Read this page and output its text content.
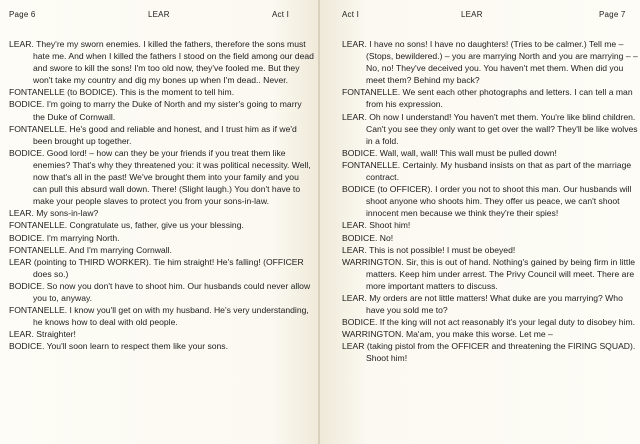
Page 6	LEAR	Act I

LEAR. They're my sworn enemies. I killed the fathers, therefore the sons must hate me. And when I killed the fathers I stood on the field among our dead and swore to kill the sons! I'm too old now, they've fooled me. But they won't take my country and dig my bones up when I'm dead.. Never.

FONTANELLE (to BODICE). This is the moment to tell him.

BODICE. I'm going to marry the Duke of North and my sister's going to marry the Duke of Cornwall.

FONTANELLE. He's good and reliable and honest, and I trust him as if we'd been brought up together.

BODICE. Good lord! – how can they be your friends if you treat them like enemies? That's why they threatened you: it was political necessity. Well, now that's all in the past! We've brought them into your family and you can pull this absurd wall down. There! (Slight laugh.) You don't have to make your people slaves to protect you from your sons-in-law.

LEAR. My sons-in-law?

FONTANELLE. Congratulate us, father, give us your blessing.

BODICE. I'm marrying North.

FONTANELLE. And I'm marrying Cornwall.

LEAR (pointing to THIRD WORKER). Tie him straight! He's falling! (OFFICER does so.)

BODICE. So now you don't have to shoot him. Our husbands could never allow you to, anyway.

FONTANELLE. I know you'll get on with my husband. He's very understanding, he knows how to deal with old people.

LEAR. Straighter!

BODICE. You'll soon learn to respect them like your sons.

Act I	LEAR	Page 7

LEAR. I have no sons! I have no daughters! (Tries to be calmer.) Tell me – (Stops, bewildered.) – you are marrying North and you are marrying – – No, no! They've deceived you. You haven't met them. When did you meet them? Behind my back?

FONTANELLE. We sent each other photographs and letters. I can tell a man from his expression.

LEAR. Oh now I understand! You haven't met them. You're like blind children. Can't you see they only want to get over the wall? They'll be like wolves in a fold.

BODICE. Wall, wall, wall! This wall must be pulled down!

FONTANELLE. Certainly. My husband insists on that as part of the marriage contract.

BODICE (to OFFICER). I order you not to shoot this man. Our husbands will shoot anyone who shoots him. They offer us peace, we can't shoot innocent men because we think they're their spies!

LEAR. Shoot him!

BODICE. No!

LEAR. This is not possible! I must be obeyed!

WARRINGTON. Sir, this is out of hand. Nothing's gained by being firm in little matters. Keep him under arrest. The Privy Council will meet. There are more important matters to discuss.

LEAR. My orders are not little matters! What duke are you marrying? Who have you sold me to?

BODICE. If the king will not act reasonably it's your legal duty to disobey him.

WARRINGTON. Ma'am, you make this worse. Let me –

LEAR (taking pistol from the OFFICER and threatening the FIRING SQUAD). Shoot him!
